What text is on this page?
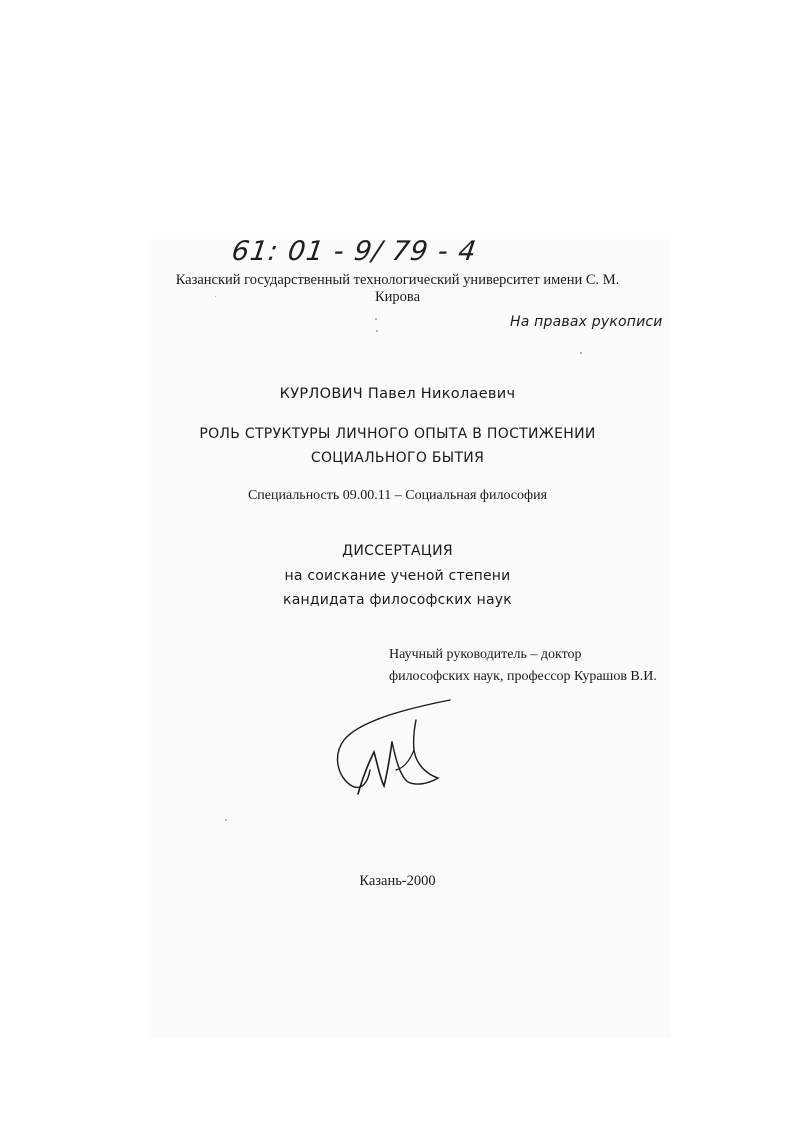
61: 01 - 9/ 79 - 4
Казанский государственный технологический университет имени С. М.
Кирова
На правах рукописи
КУРЛОВИЧ Павел Николаевич
РОЛЬ СТРУКТУРЫ ЛИЧНОГО ОПЫТА В ПОСТИЖЕНИИ
СОЦИАЛЬНОГО БЫТИЯ
Специальность 09.00.11 – Социальная философия
ДИССЕРТАЦИЯ
на соискание ученой степени
кандидата философских наук
Научный руководитель – доктор
философских наук, профессор Курашов В.И.
Казань-2000
